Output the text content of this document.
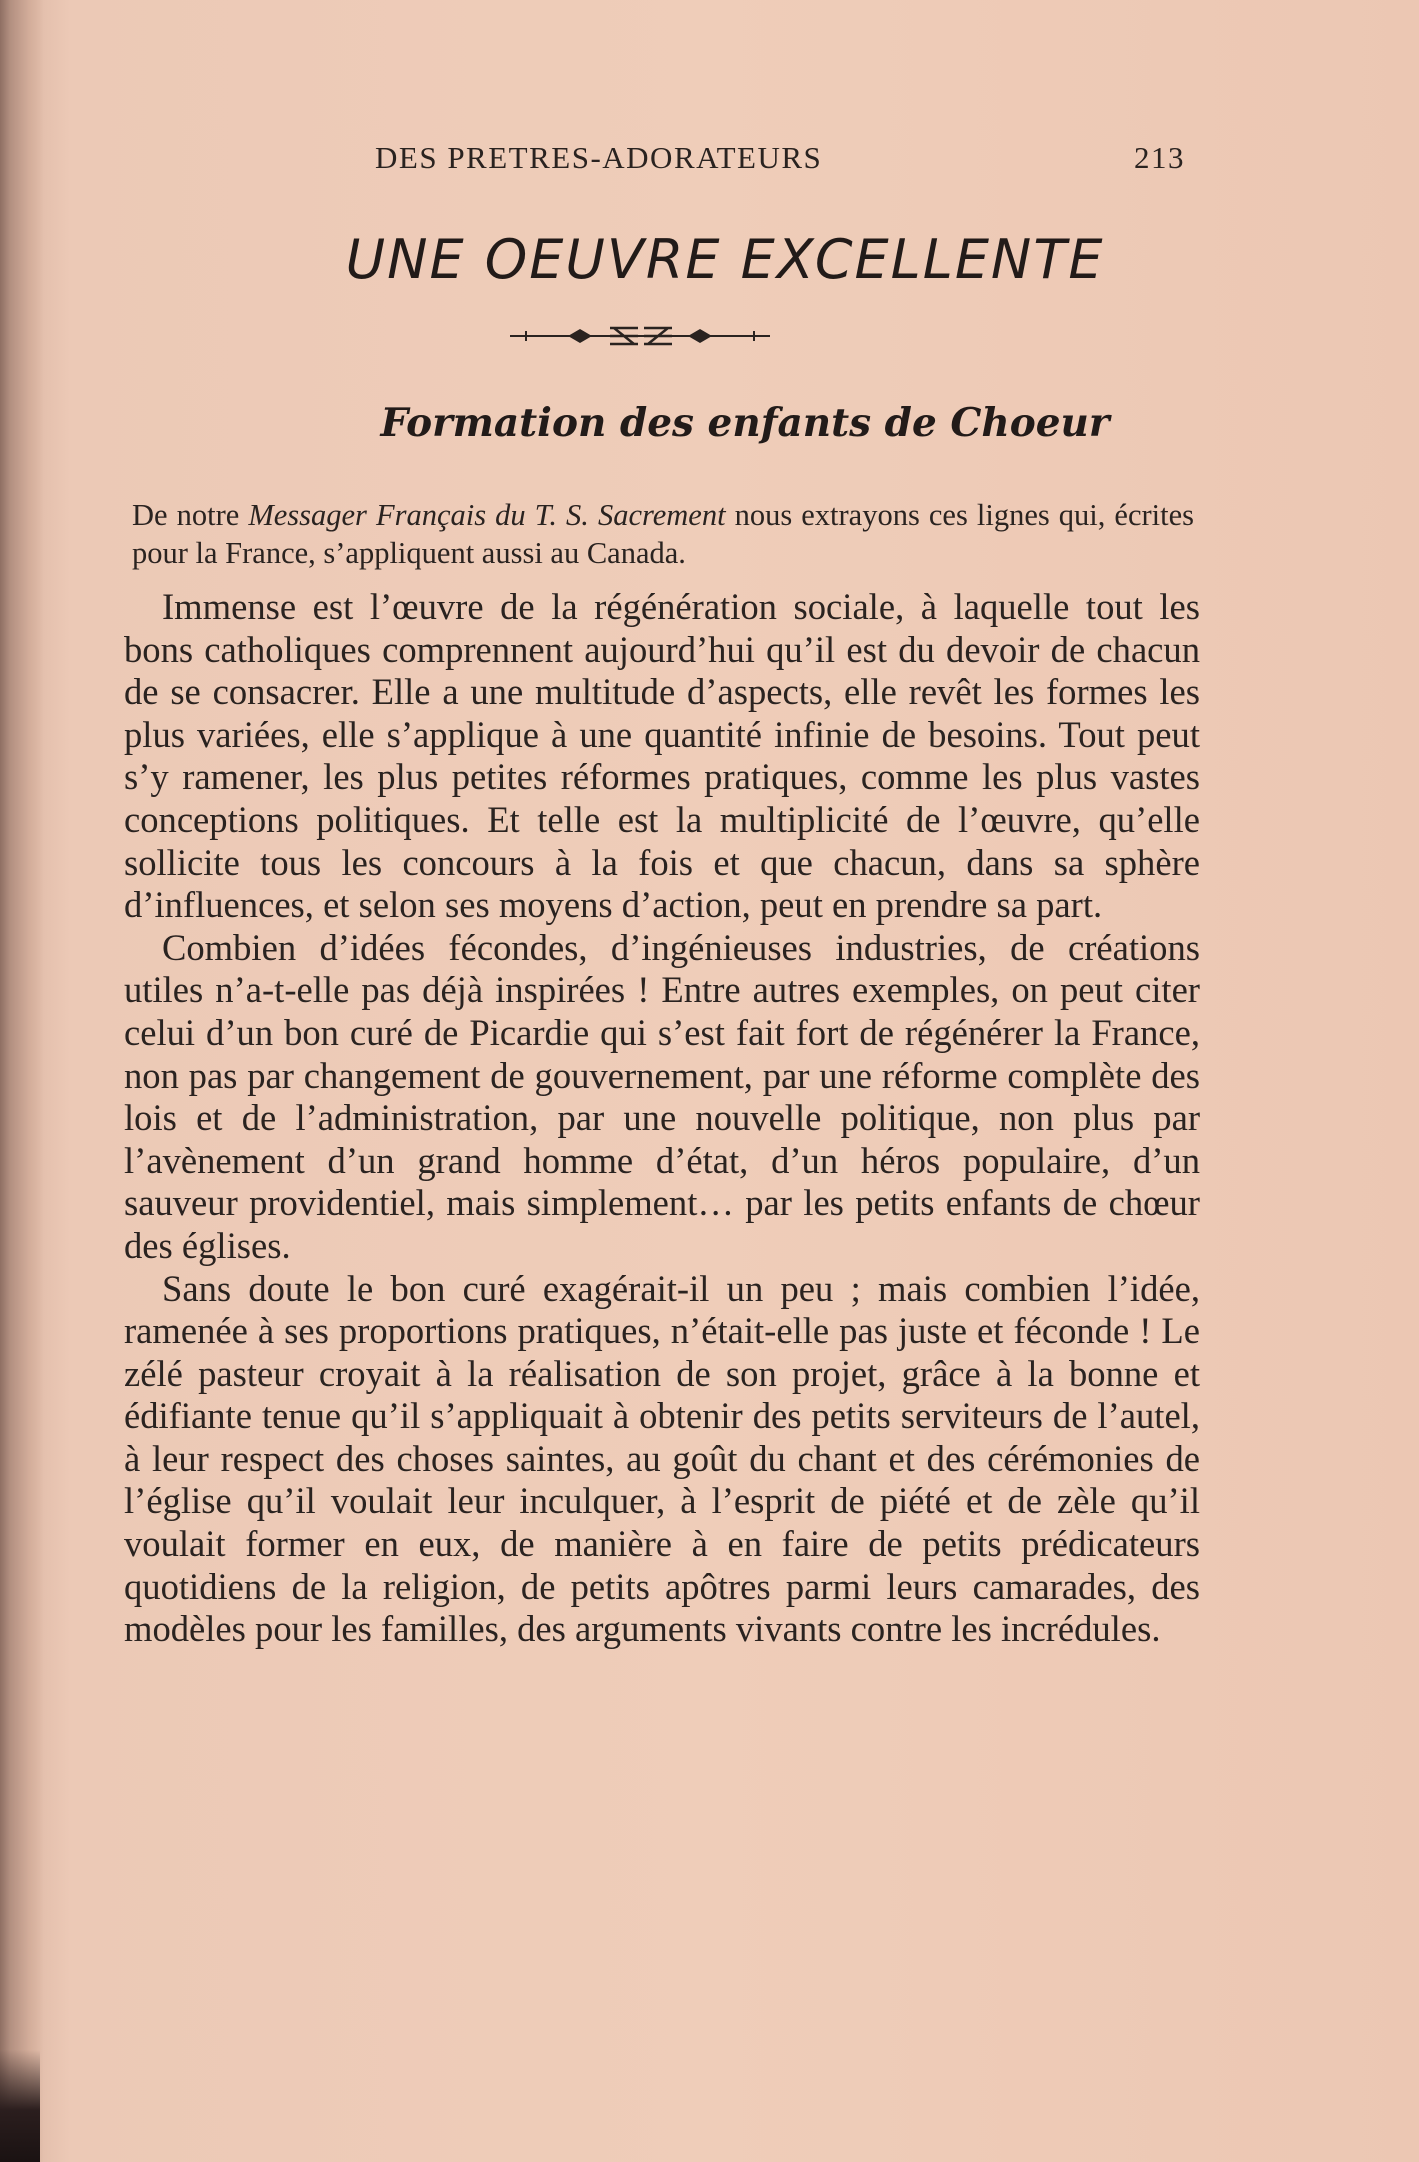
DES PRETRES-ADORATEURS	213
UNE OEUVRE EXCELLENTE
Formation des enfants de Choeur
De notre Messager Français du T. S. Sacrement nous extrayons ces lignes qui, écrites pour la France, s’appliquent aussi au Canada.

Immense est l’œuvre de la régénération sociale, à laquelle tout les bons catholiques comprennent aujourd’hui qu’il est du devoir de chacun de se consacrer. Elle a une multitude d’aspects, elle revêt les formes les plus variées, elle s’applique à une quantité infinie de besoins. Tout peut s’y ramener, les plus petites réformes pratiques, comme les plus vastes conceptions politiques. Et telle est la multiplicité de l’œuvre, qu’elle sollicite tous les concours à la fois et que chacun, dans sa sphère d’influences, et selon ses moyens d’action, peut en prendre sa part.

Combien d’idées fécondes, d’ingénieuses industries, de créations utiles n’a-t-elle pas déjà inspirées ! Entre autres exemples, on peut citer celui d’un bon curé de Picardie qui s’est fait fort de régénérer la France, non pas par changement de gouvernement, par une réforme complète des lois et de l’administration, par une nouvelle politique, non plus par l’avènement d’un grand homme d’état, d’un héros populaire, d’un sauveur providentiel, mais simplement… par les petits enfants de chœur des églises.

Sans doute le bon curé exagérait-il un peu ; mais combien l’idée, ramenée à ses proportions pratiques, n’était-elle pas juste et féconde ! Le zélé pasteur croyait à la réalisation de son projet, grâce à la bonne et édifiante tenue qu’il s’appliquait à obtenir des petits serviteurs de l’autel, à leur respect des choses saintes, au goût du chant et des cérémonies de l’église qu’il voulait leur inculquer, à l’esprit de piété et de zèle qu’il voulait former en eux, de manière à en faire de petits prédicateurs quotidiens de la religion, de petits apôtres parmi leurs camarades, des modèles pour les familles, des arguments vivants contre les incrédules.
